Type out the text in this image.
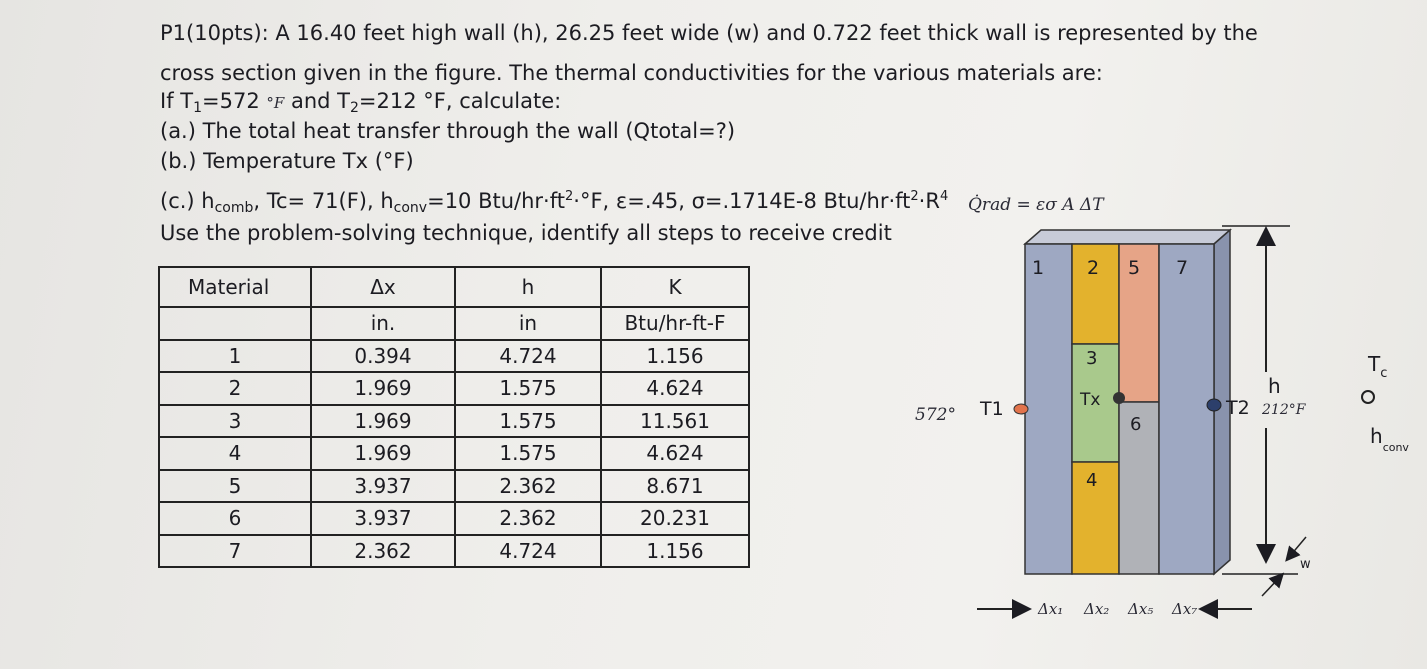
P1(10pts): A 16.40 feet high wall (h), 26.25 feet wide (w) and 0.722 feet thick wall is represented by the
cross section given in the figure. The thermal conductivities for the various materials are:
If $T_1=572$ °F and $T_2=212$ °F, calculate:
(a.) The total heat transfer through the wall (Qtotal=?)
(b.) Temperature Tx (°F)
(c.) $h_{comb}$, Tc= 71(F), $h_{conv}=10$ Btu/$hr\cdot ft^2\cdot^\circ F$, ε=.45, σ=.1714E-8 Btu/$hr\cdot ft^2\cdot R^4$ Q̇rad = εσ A ΔT
Use the problem-solving technique, identify all steps to receive credit
Material	Δx	h	K
	in.	in	Btu/hr-ft-F
1	0.394	4.724	1.156
2	1.969	1.575	4.624
3	1.969	1.575	11.561
4	1.969	1.575	4.624
5	3.937	2.362	8.671
6	3.937	2.362	20.231
7	2.362	4.724	1.156
1 2 5 7
3
6
4
Tx
T1
572°	T2 212°F
h
w
$T_c$
$h_{conv}$
Δx₁ Δx₂ Δx₅ Δx₇
